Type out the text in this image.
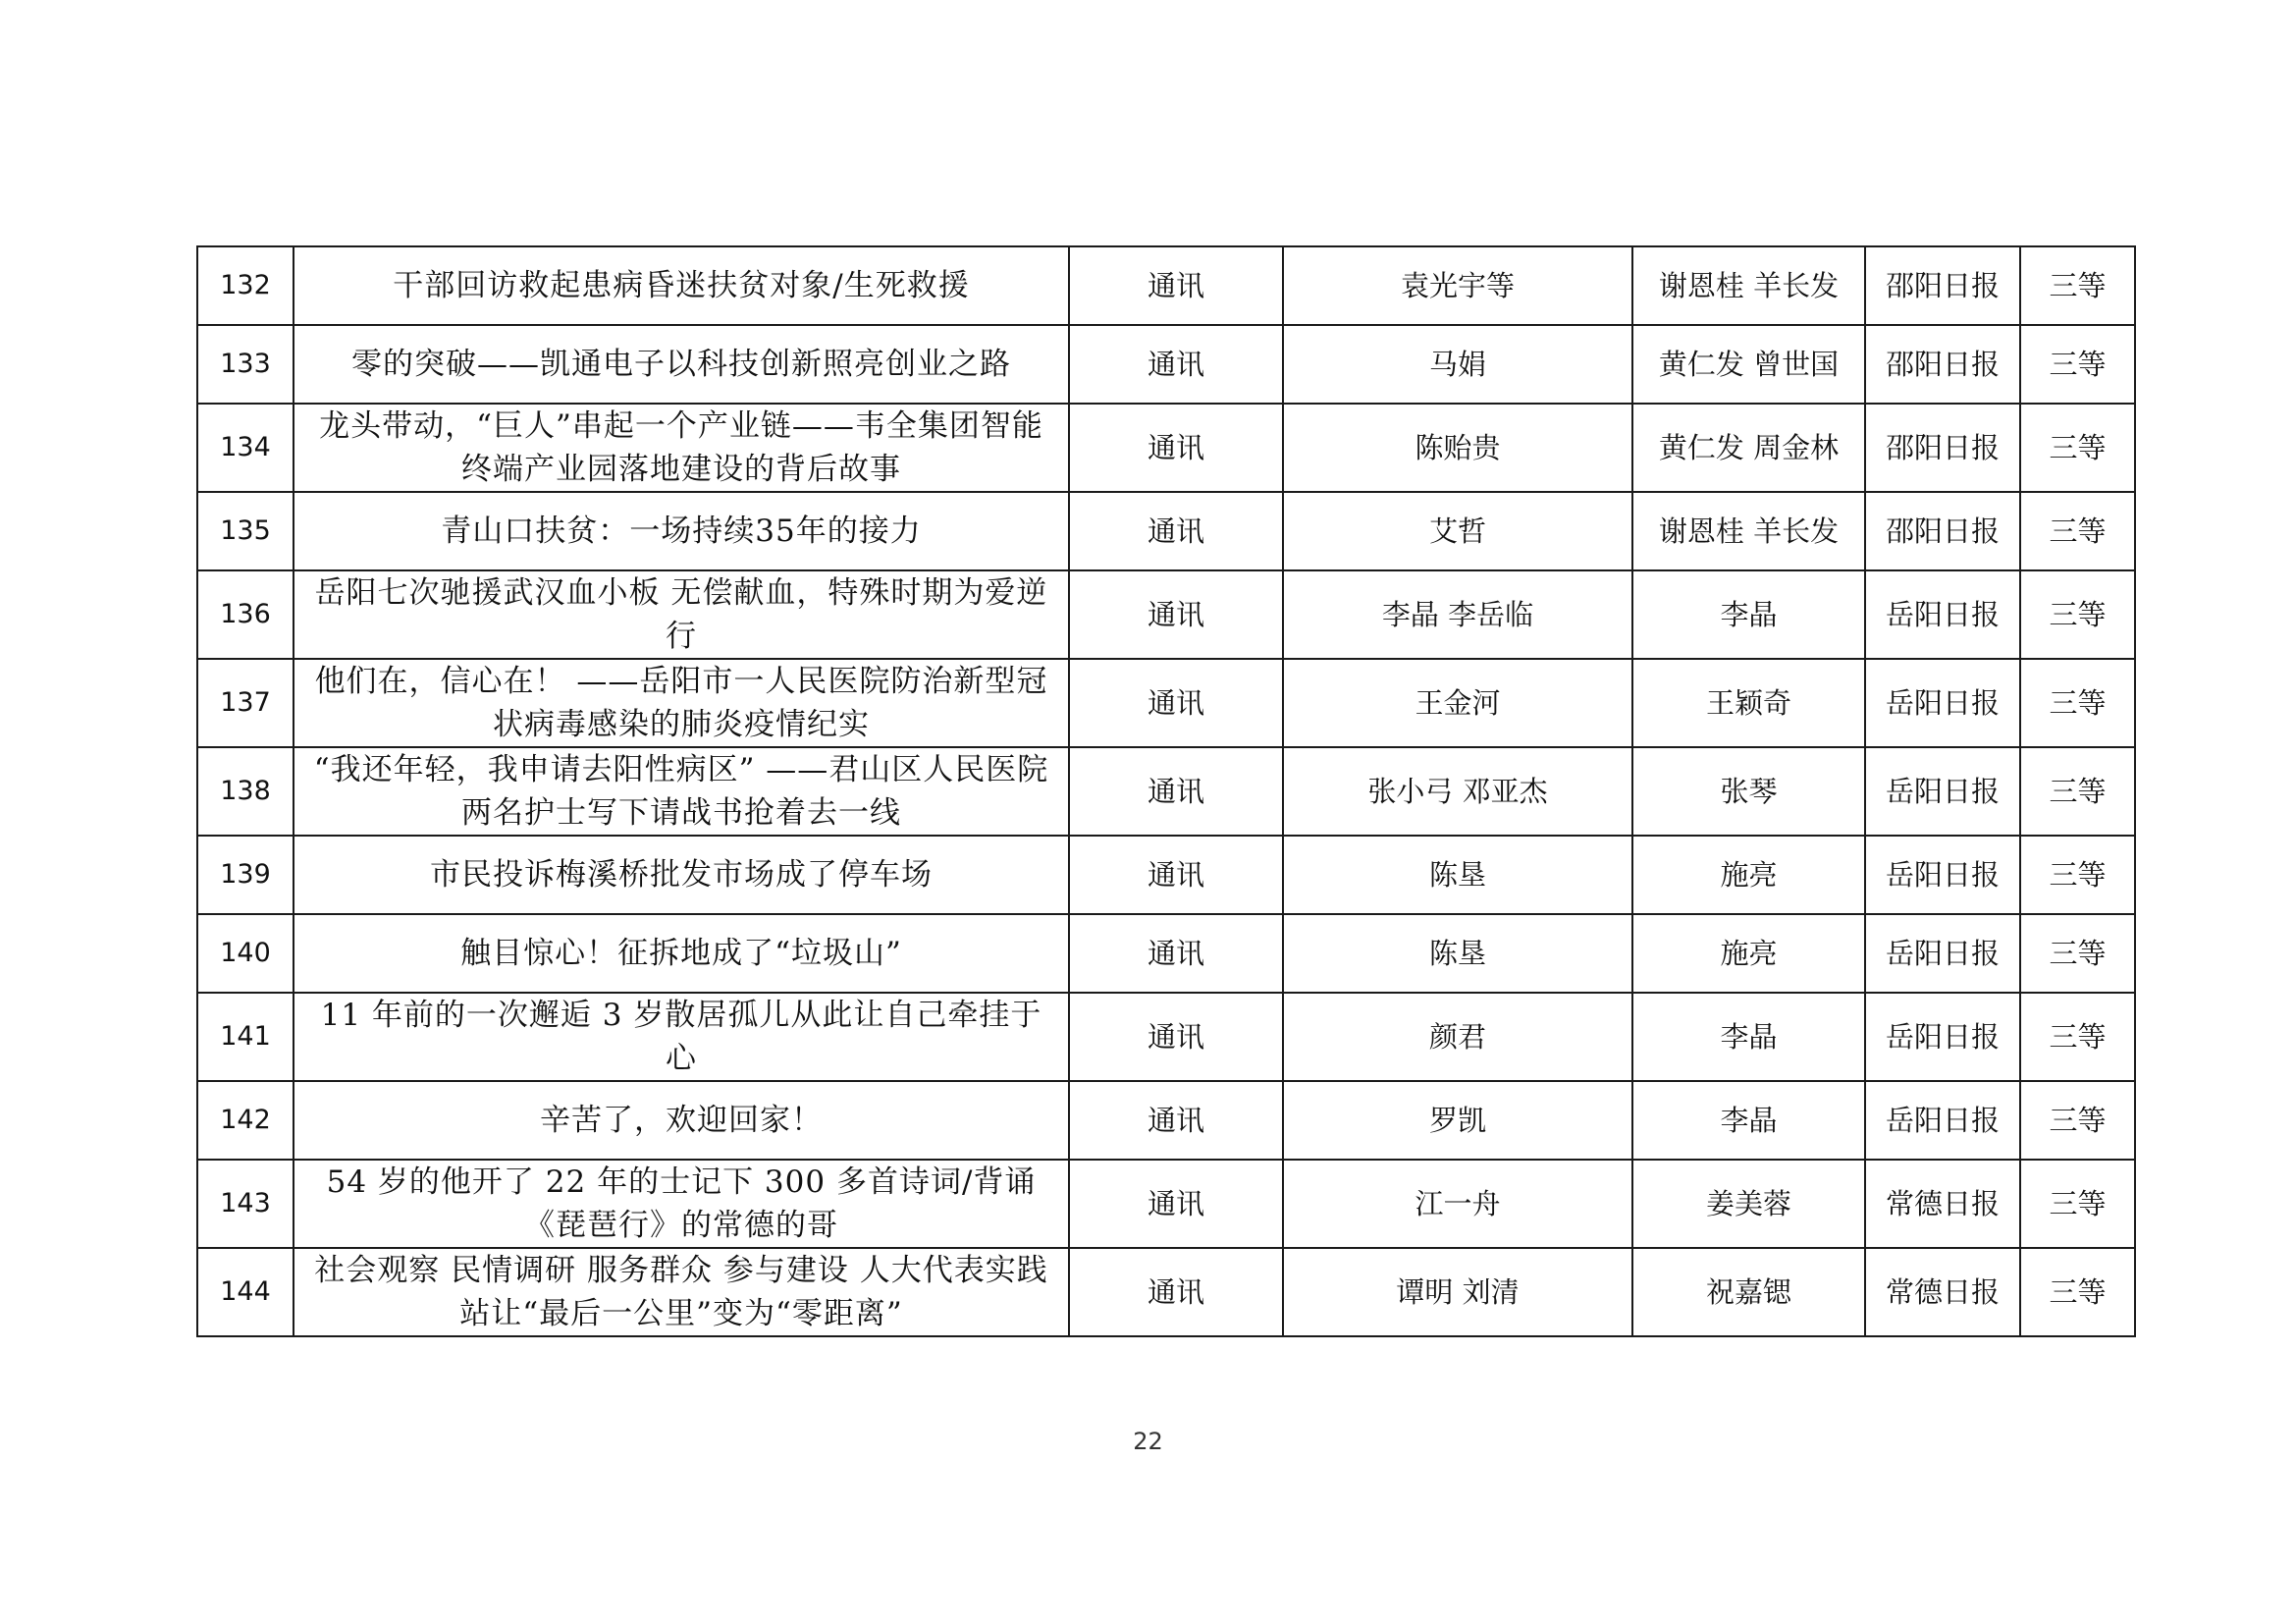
132	干部回访救起患病昏迷扶贫对象/生死救援	通讯	袁光宇等	谢恩桂 羊长发	邵阳日报	三等
133	零的突破——凯通电子以科技创新照亮创业之路	通讯	马娟	黄仁发 曾世国	邵阳日报	三等
134	龙头带动，“巨人”串起一个产业链——韦全集团智能终端产业园落地建设的背后故事	通讯	陈贻贵	黄仁发 周金林	邵阳日报	三等
135	青山口扶贫：一场持续35年的接力	通讯	艾哲	谢恩桂 羊长发	邵阳日报	三等
136	岳阳七次驰援武汉血小板 无偿献血，特殊时期为爱逆行	通讯	李晶 李岳临	李晶	岳阳日报	三等
137	他们在，信心在！ ——岳阳市一人民医院防治新型冠状病毒感染的肺炎疫情纪实	通讯	王金河	王颖奇	岳阳日报	三等
138	“我还年轻，我申请去阳性病区” ——君山区人民医院两名护士写下请战书抢着去一线	通讯	张小弓 邓亚杰	张琴	岳阳日报	三等
139	市民投诉梅溪桥批发市场成了停车场	通讯	陈垦	施亮	岳阳日报	三等
140	触目惊心！征拆地成了“垃圾山”	通讯	陈垦	施亮	岳阳日报	三等
141	11 年前的一次邂逅 3 岁散居孤儿从此让自己牵挂于心	通讯	颜君	李晶	岳阳日报	三等
142	辛苦了，欢迎回家！	通讯	罗凯	李晶	岳阳日报	三等
143	54 岁的他开了 22 年的士记下 300 多首诗词/背诵《琵琶行》的常德的哥	通讯	江一舟	姜美蓉	常德日报	三等
144	社会观察 民情调研 服务群众 参与建设 人大代表实践站让“最后一公里”变为“零距离”	通讯	谭明 刘清	祝嘉锶	常德日报	三等
22
